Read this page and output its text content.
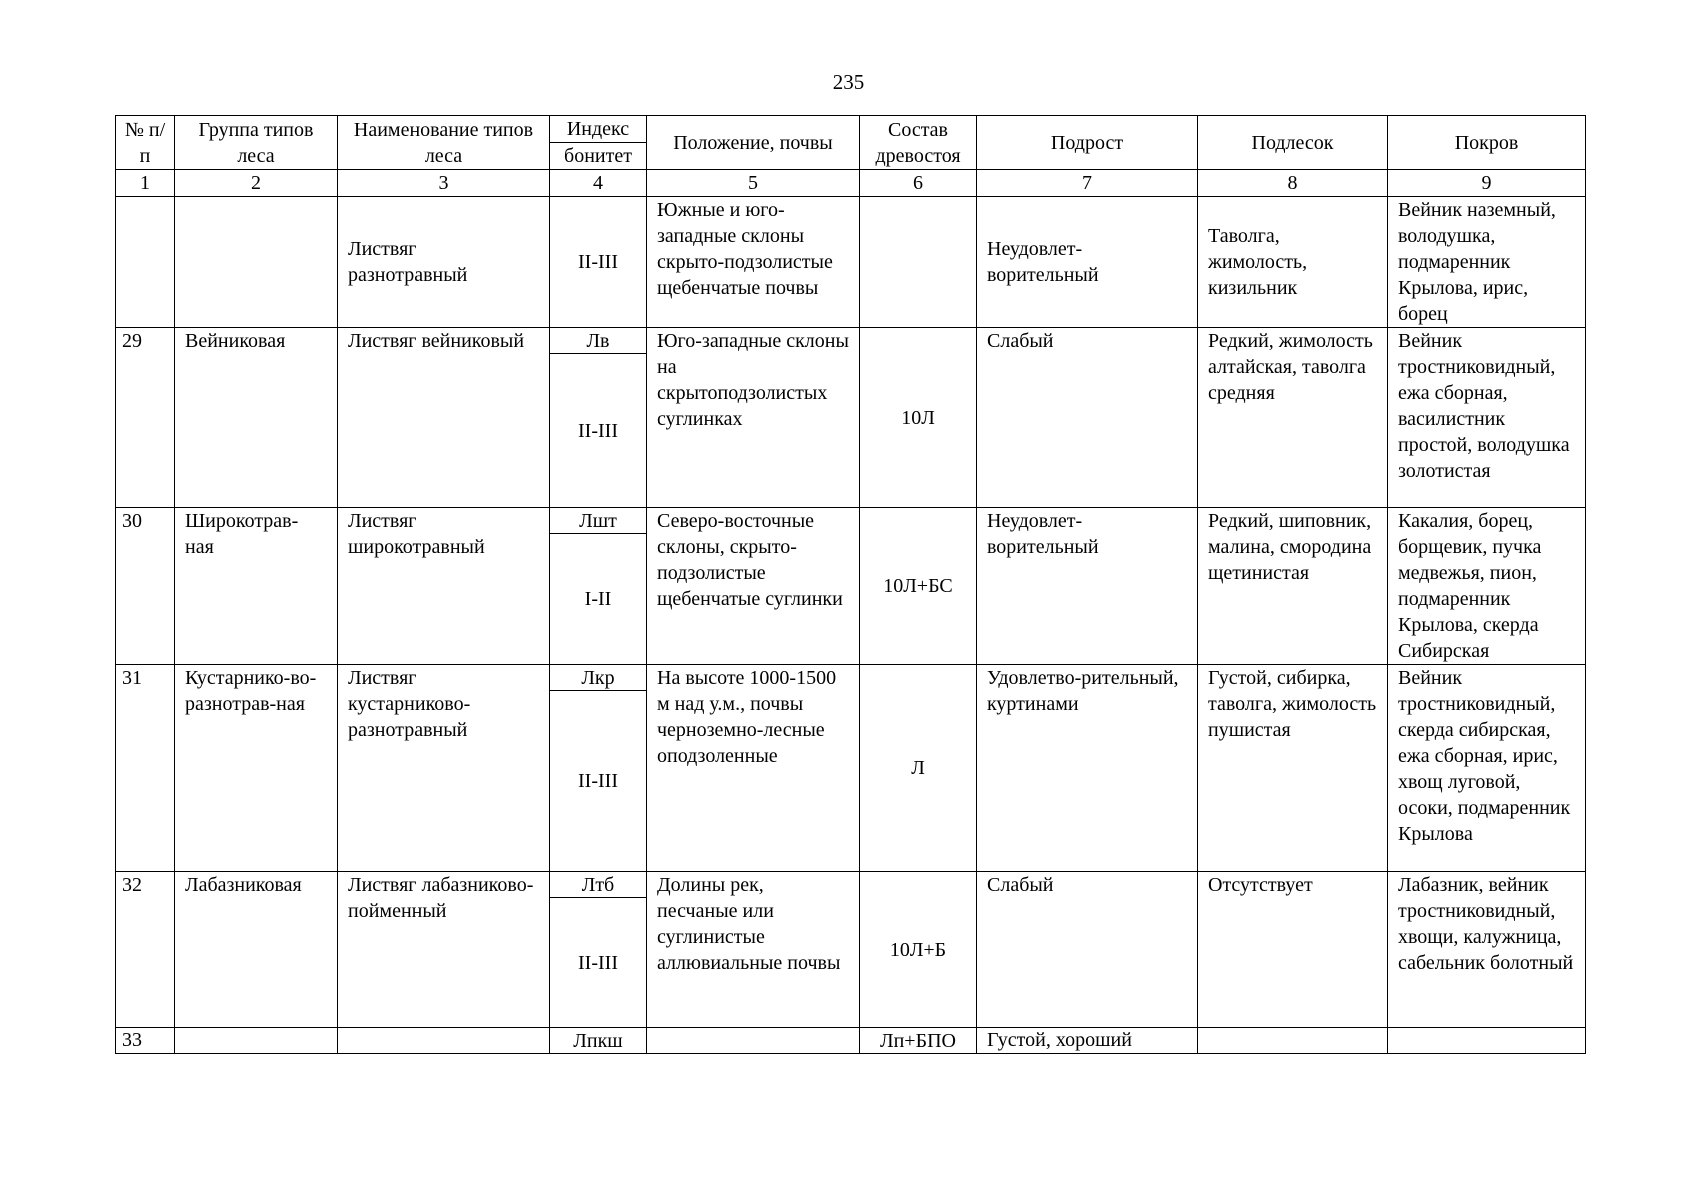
235
№ п/п	Группа типов леса	Наименование типов леса	Индекс	Положение, почвы	Состав древостоя	Подрост	Подлесок	Покров
			бонитет					
1	2	3	4	5	6	7	8	9
		Листвяг разнотравный	II-III	Южные и юго-западные склоны скрыто-подзолистые щебенчатые почвы		Неудовлет-ворительный	Таволга, жимолость, кизильник	Вейник наземный, володушка, подмаренник Крылова, ирис, борец
29	Вейниковая	Листвяг вейниковый	Лв	Юго-западные склоны на скрытоподзолистых суглинках	10Л	Слабый	Редкий, жимолость алтайская, таволга средняя	Вейник тростниковидный, ежа сборная, василистник простой, володушка золотистая
			II-III					
30	Широкотрав-ная	Листвяг широкотравный	Лшт	Северо-восточные склоны, скрыто-подзолистые щебенчатые суглинки	10Л+БС	Неудовлет-ворительный	Редкий, шиповник, малина, смородина щетинистая	Какалия, борец, борщевик, пучка медвежья, пион, подмаренник Крылова, скерда Сибирская
			I-II					
31	Кустарнико-во-разнотрав-ная	Листвяг кустарниково-разнотравный	Лкр	На высоте 1000-1500 м над у.м., почвы черноземно-лесные оподзоленные	Л	Удовлетво-рительный, куртинами	Густой, сибирка, таволга, жимолость пушистая	Вейник тростниковидный, скерда сибирская, ежа сборная, ирис, хвощ луговой, осоки, подмаренник Крылова
			II-III					
32	Лабазниковая	Листвяг лабазниково-пойменный	Лтб	Долины рек, песчаные или суглинистые аллювиальные почвы	10Л+Б	Слабый	Отсутствует	Лабазник, вейник тростниковидный, хвощи, калужница, сабельник болотный
			II-III					
33			Лпкш		Лп+БПО	Густой, хороший		
